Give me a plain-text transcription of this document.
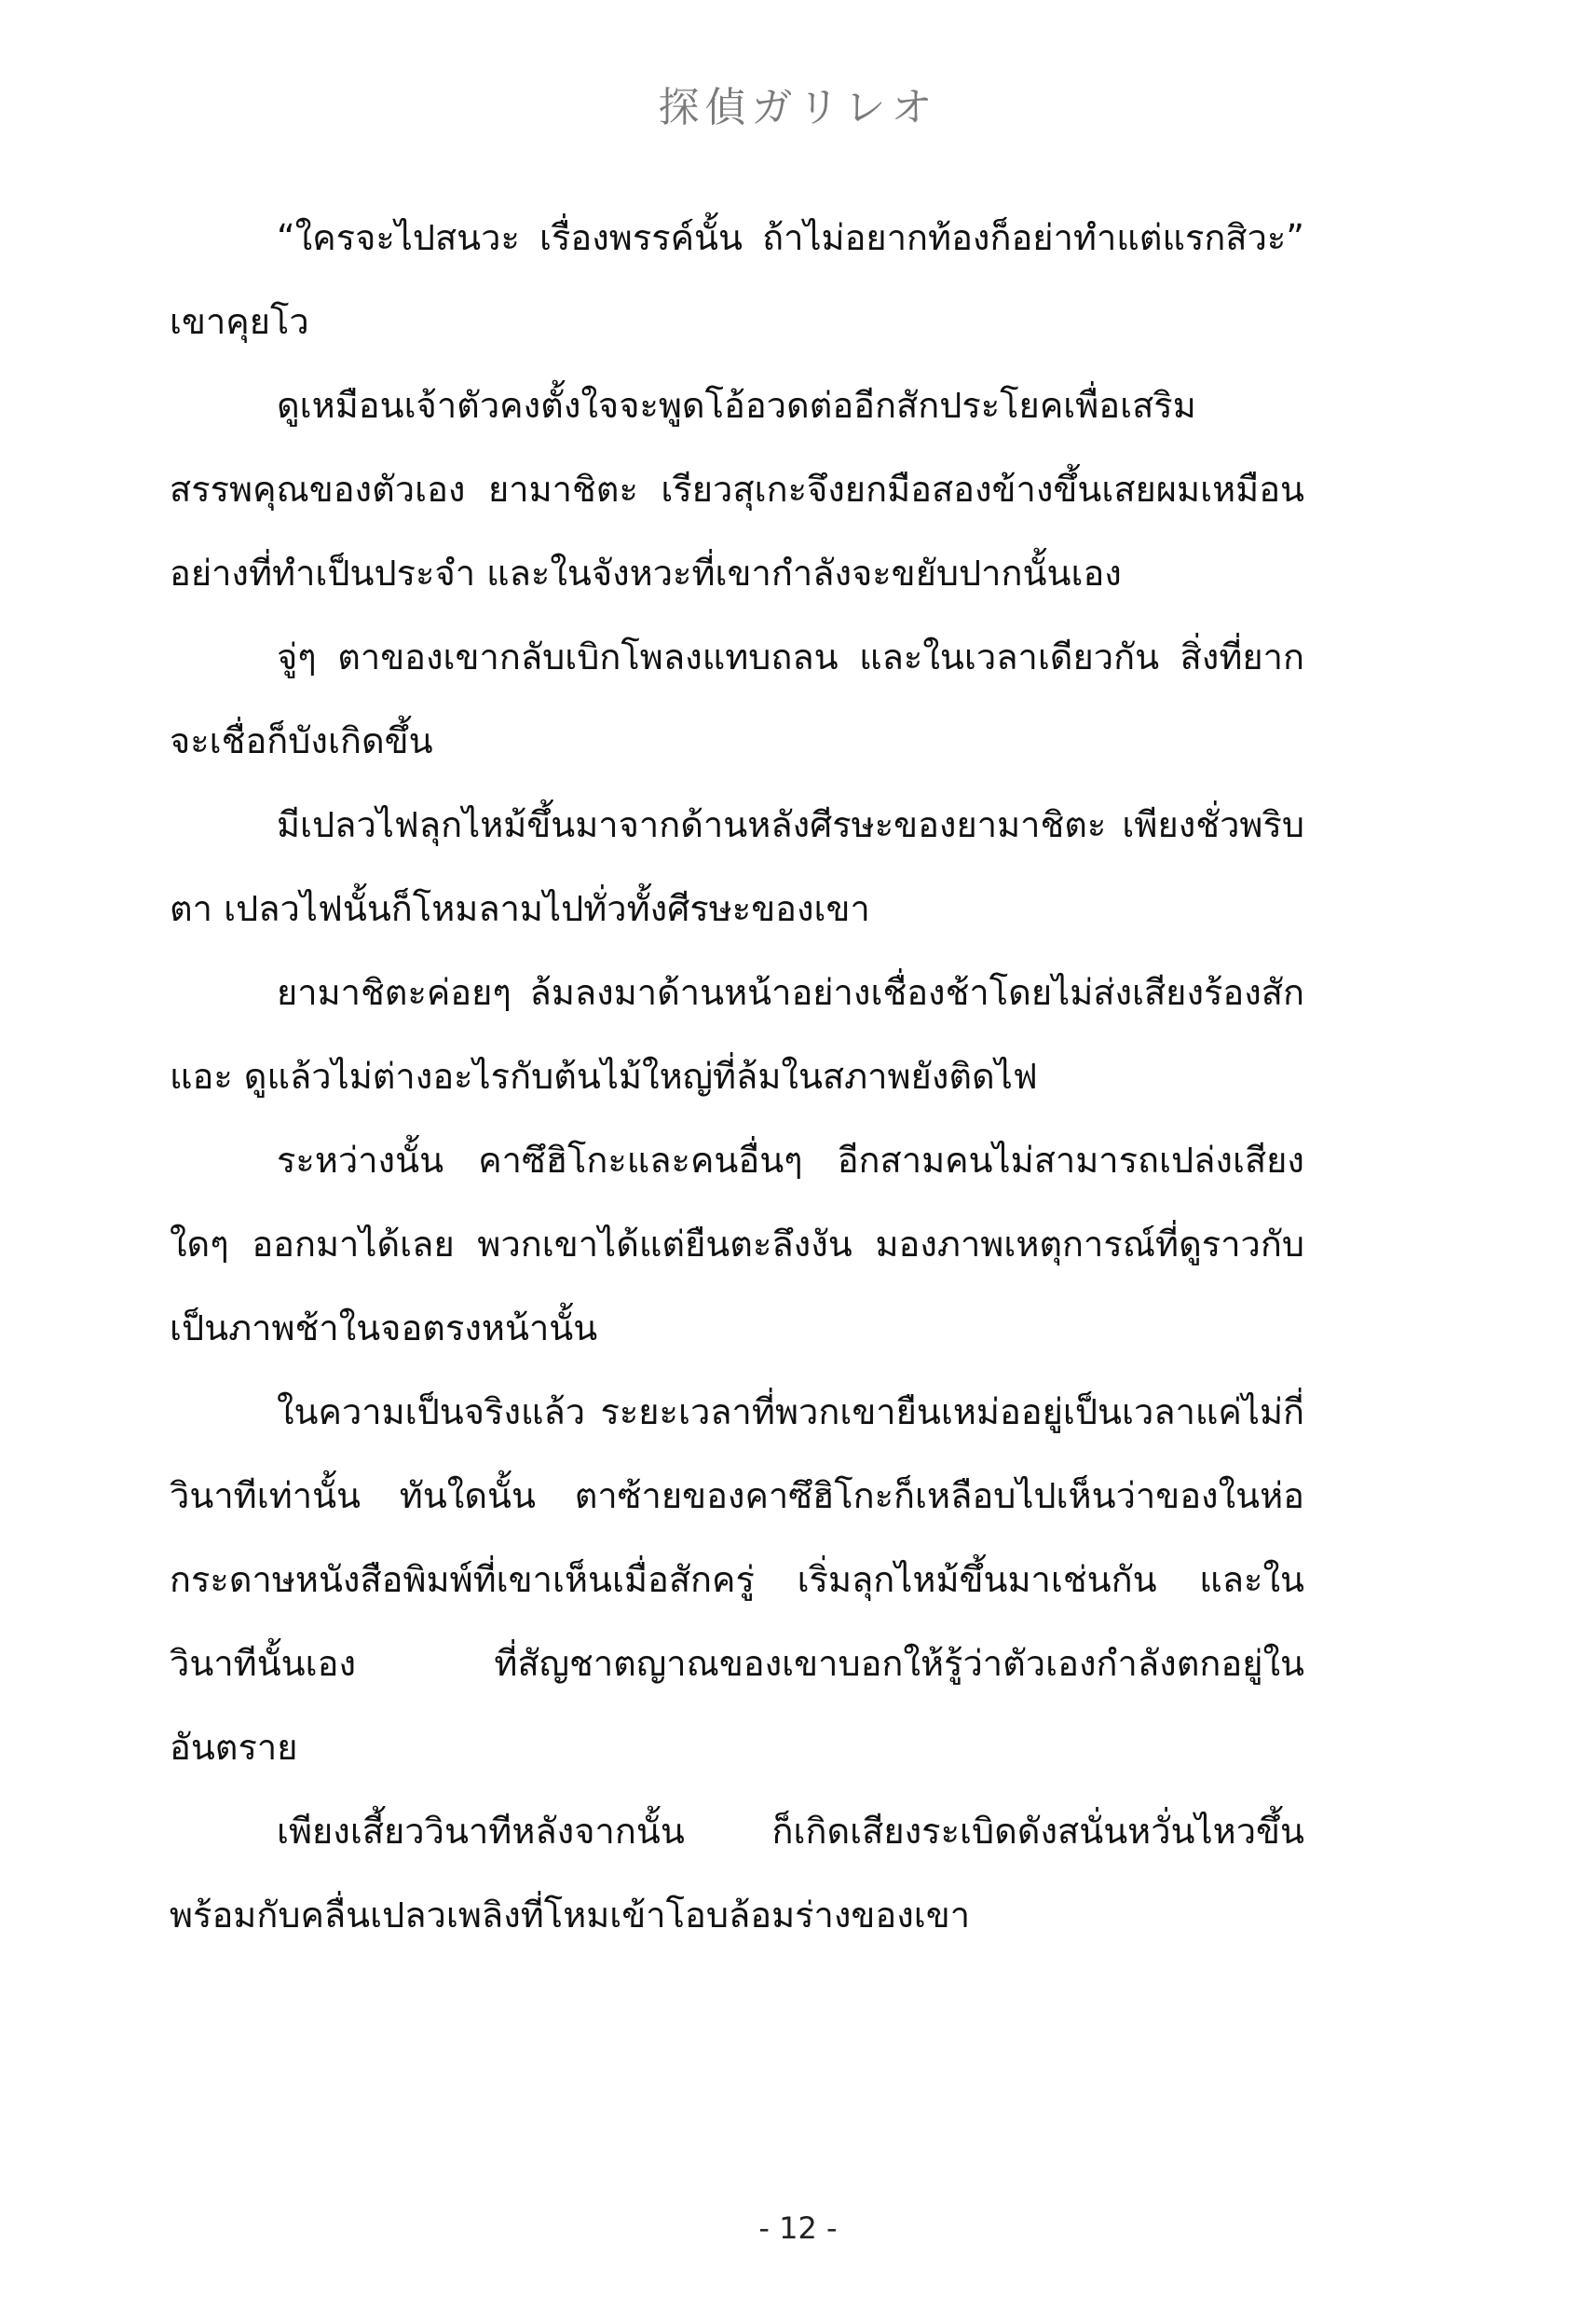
探偵ガリレオ

“ใครจะไปสนวะ เรื่องพรรค์นั้น ถ้าไม่อยากท้องก็อย่าทำแต่แรกสิวะ” เขาคุยโว

ดูเหมือนเจ้าตัวคงตั้งใจจะพูดโอ้อวดต่ออีกสักประโยคเพื่อเสริมสรรพคุณของตัวเอง ยามาชิตะ เรียวสุเกะจึงยกมือสองข้างขึ้นเสยผมเหมือนอย่างที่ทำเป็นประจำ และในจังหวะที่เขากำลังจะขยับปากนั้นเอง

จู่ๆ ตาของเขากลับเบิกโพลงแทบถลน และในเวลาเดียวกัน สิ่งที่ยากจะเชื่อก็บังเกิดขึ้น

มีเปลวไฟลุกไหม้ขึ้นมาจากด้านหลังศีรษะของยามาชิตะ เพียงชั่วพริบตา เปลวไฟนั้นก็โหมลามไปทั่วทั้งศีรษะของเขา

ยามาชิตะค่อยๆ ล้มลงมาด้านหน้าอย่างเชื่องช้าโดยไม่ส่งเสียงร้องสักแอะ ดูแล้วไม่ต่างอะไรกับต้นไม้ใหญ่ที่ล้มในสภาพยังติดไฟ

ระหว่างนั้น คาซึฮิโกะและคนอื่นๆ อีกสามคนไม่สามารถเปล่งเสียงใดๆ ออกมาได้เลย พวกเขาได้แต่ยืนตะลึงงัน มองภาพเหตุการณ์ที่ดูราวกับเป็นภาพช้าในจอตรงหน้านั้น

ในความเป็นจริงแล้ว ระยะเวลาที่พวกเขายืนเหม่ออยู่เป็นเวลาแค่ไม่กี่วินาทีเท่านั้น ทันใดนั้น ตาซ้ายของคาซึฮิโกะก็เหลือบไปเห็นว่าของในห่อกระดาษหนังสือพิมพ์ที่เขาเห็นเมื่อสักครู่ เริ่มลุกไหม้ขึ้นมาเช่นกัน และในวินาทีนั้นเอง ที่สัญชาตญาณของเขาบอกให้รู้ว่าตัวเองกำลังตกอยู่ในอันตราย

เพียงเสี้ยววินาทีหลังจากนั้น ก็เกิดเสียงระเบิดดังสนั่นหวั่นไหวขึ้นพร้อมกับคลื่นเปลวเพลิงที่โหมเข้าโอบล้อมร่างของเขา

- 12 -
